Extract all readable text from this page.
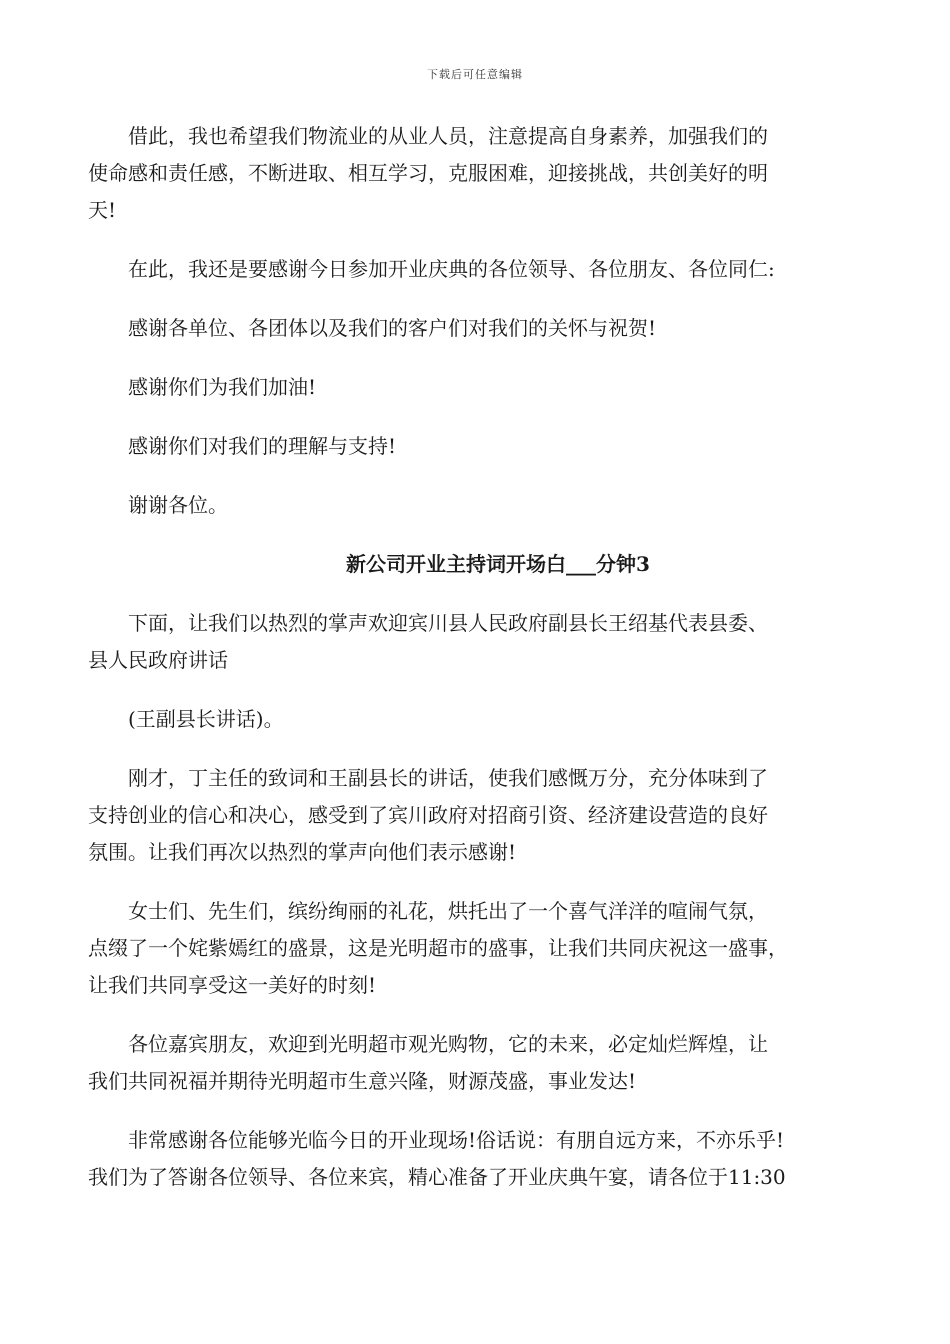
下载后可任意编辑
借此，我也希望我们物流业的从业人员，注意提高自身素养，加强我们的
使命感和责任感，不断进取、相互学习，克服困难，迎接挑战，共创美好的明
天!
在此，我还是要感谢今日参加开业庆典的各位领导、各位朋友、各位同仁:
感谢各单位、各团体以及我们的客户们对我们的关怀与祝贺!
感谢你们为我们加油!
感谢你们对我们的理解与支持!
谢谢各位。
新公司开业主持词开场白___分钟3
下面，让我们以热烈的掌声欢迎宾川县人民政府副县长王绍基代表县委、
县人民政府讲话
(王副县长讲话)。
刚才，丁主任的致词和王副县长的讲话，使我们感慨万分，充分体味到了
支持创业的信心和决心，感受到了宾川政府对招商引资、经济建设营造的良好
氛围。让我们再次以热烈的掌声向他们表示感谢!
女士们、先生们，缤纷绚丽的礼花，烘托出了一个喜气洋洋的喧闹气氛，
点缀了一个姹紫嫣红的盛景，这是光明超市的盛事，让我们共同庆祝这一盛事，
让我们共同享受这一美好的时刻!
各位嘉宾朋友，欢迎到光明超市观光购物，它的未来，必定灿烂辉煌，让
我们共同祝福并期待光明超市生意兴隆，财源茂盛，事业发达!
非常感谢各位能够光临今日的开业现场!俗话说：有朋自远方来，不亦乐乎!
我们为了答谢各位领导、各位来宾，精心准备了开业庆典午宴，请各位于11:30
